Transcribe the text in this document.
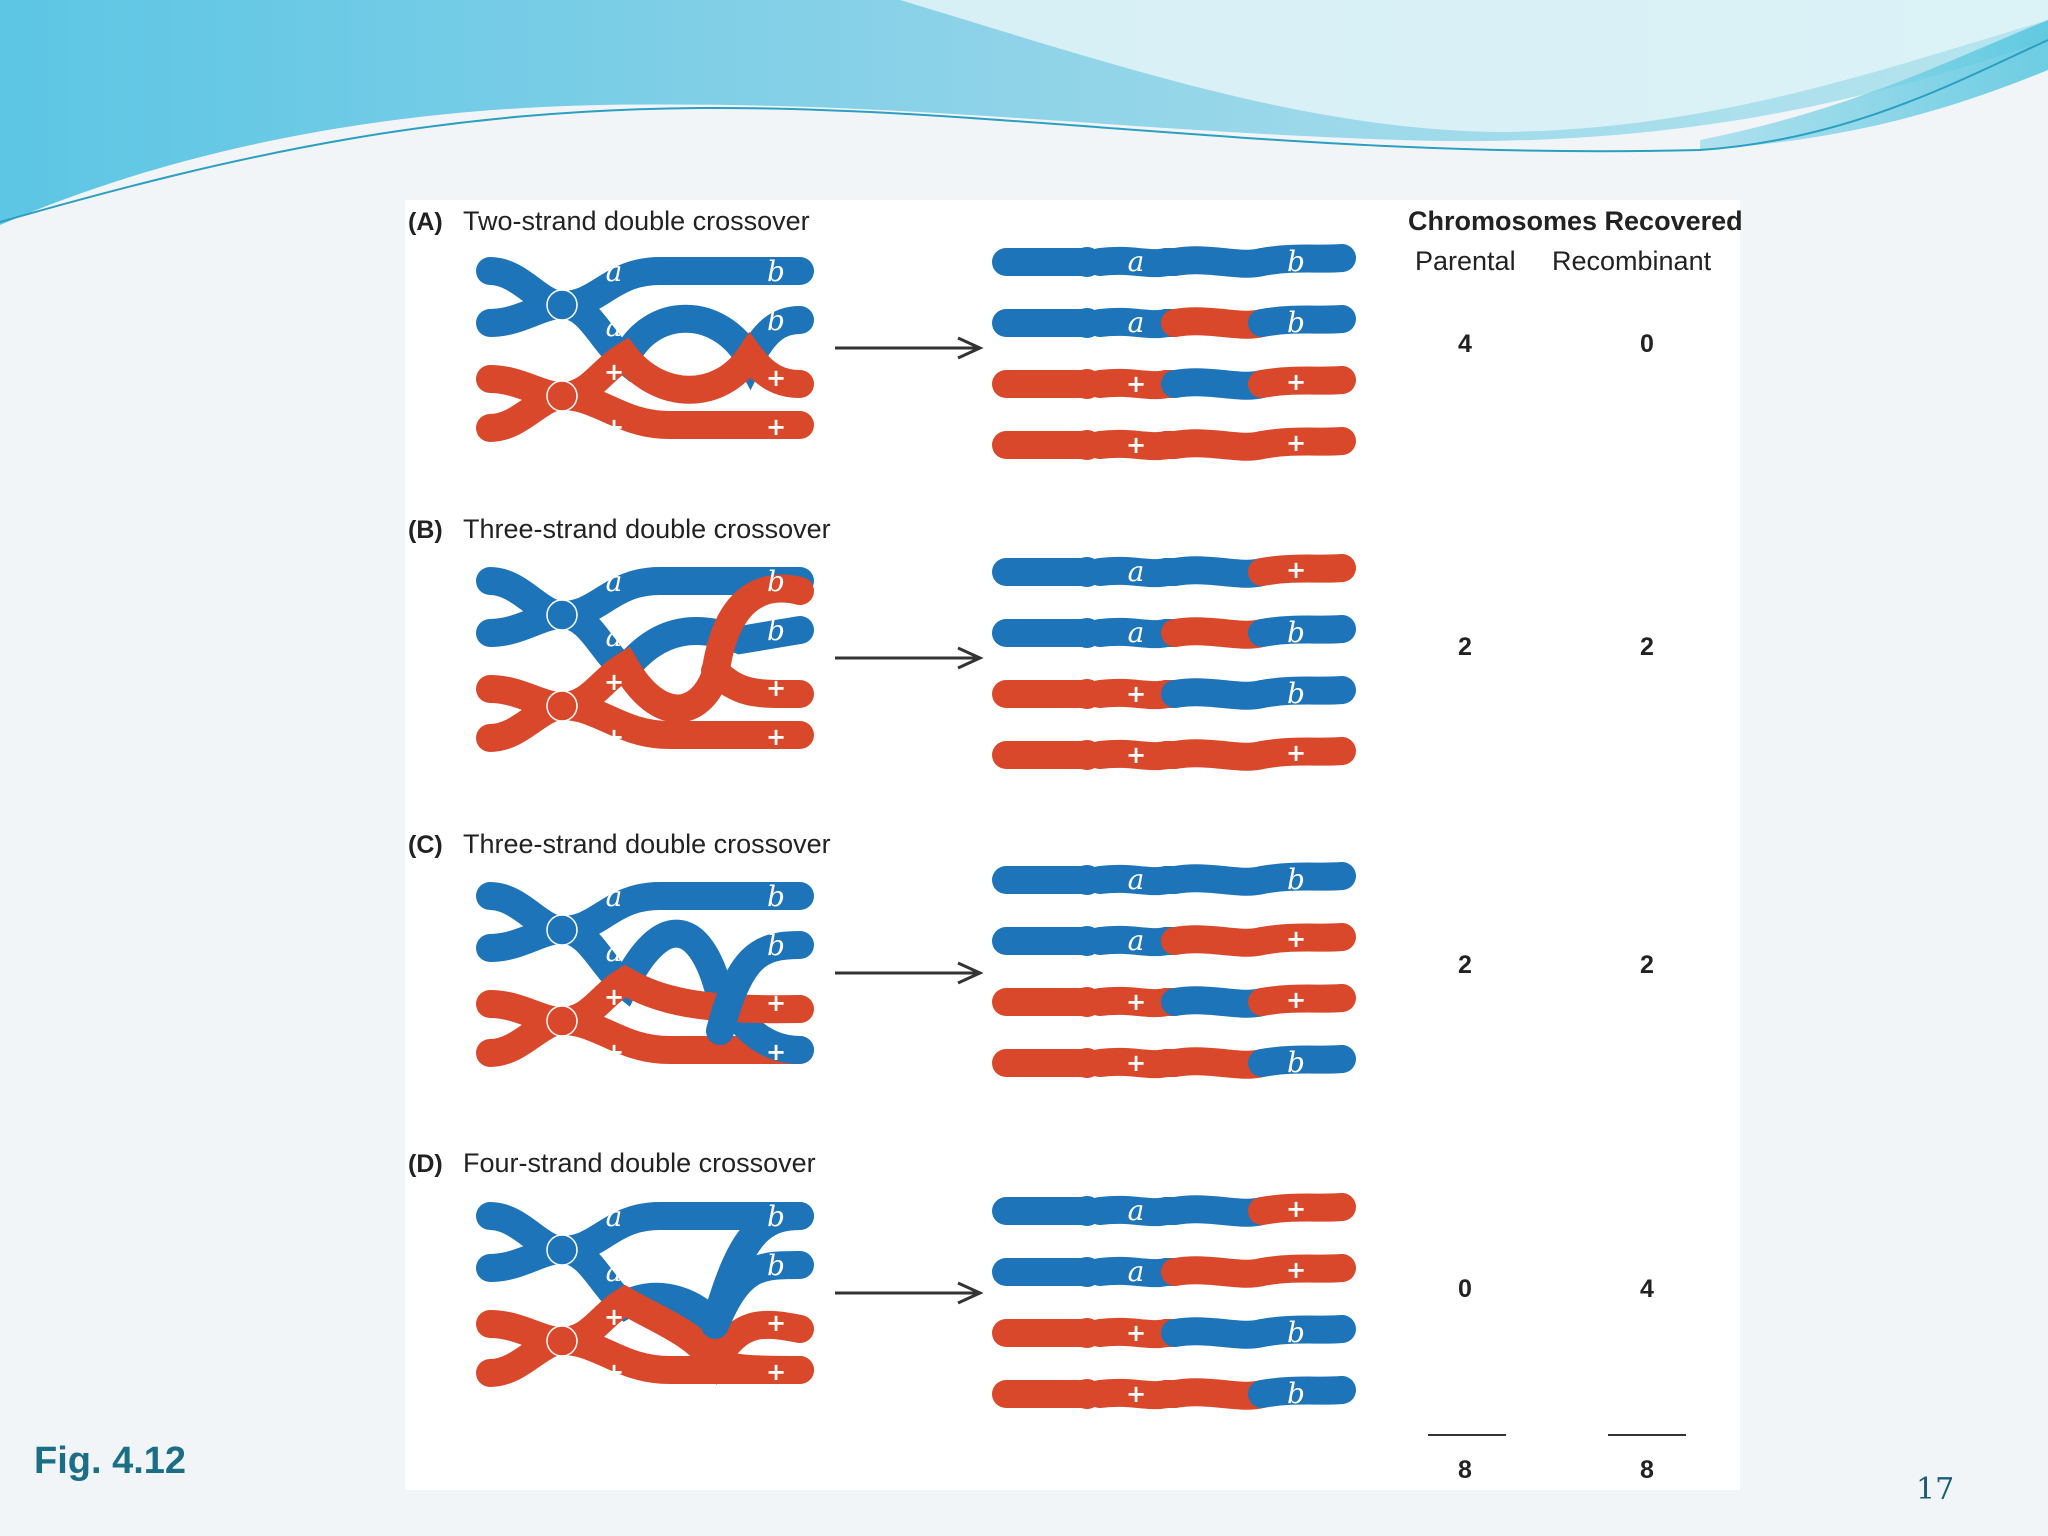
a	b
a	b
+	+
+	+
a	b
a	b
+	+
+	+
a	b
a	b
+	+
+	+
a	+
a	b
+	b
+	+
a	b
a	b
+	+
+	+
a	b
a	+
+	+
+	b
a	b
a	b
+	+
+	+
a	+
a	+
+	b
+	b
Chromosomes Recovered
Parental Recombinant
(A) Two-strand double crossover
4	0
(B) Three-strand double crossover
2	2
(C) Three-strand double crossover
2	2
(D) Four-strand double crossover
0	4
8	8
Fig. 4.12
17
